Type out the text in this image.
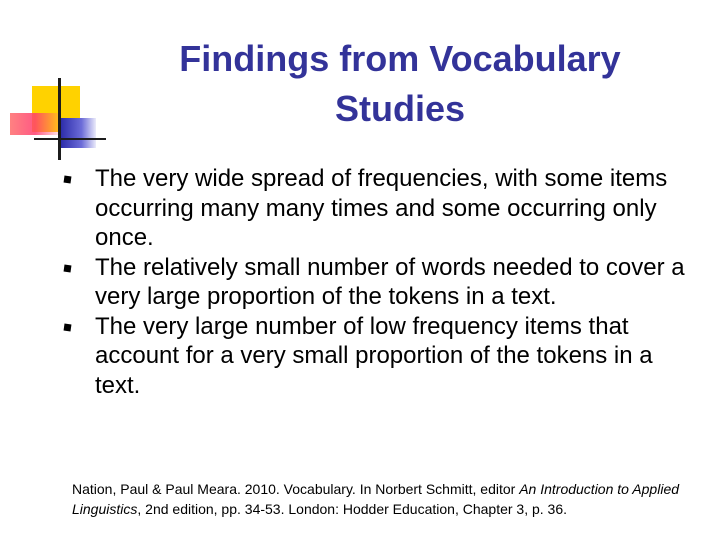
Findings from Vocabulary
Studies
The very wide spread of frequencies, with some items occurring many many times and some occurring only once.
The relatively small number of words needed to cover a very large proportion of the tokens in a text.
The very large number of low frequency items that account for a very small proportion of the tokens in a text.

Nation, Paul & Paul Meara. 2010. Vocabulary. In Norbert Schmitt, editor An Introduction to Applied Linguistics, 2nd edition, pp. 34-53. London: Hodder Education, Chapter 3, p. 36.
